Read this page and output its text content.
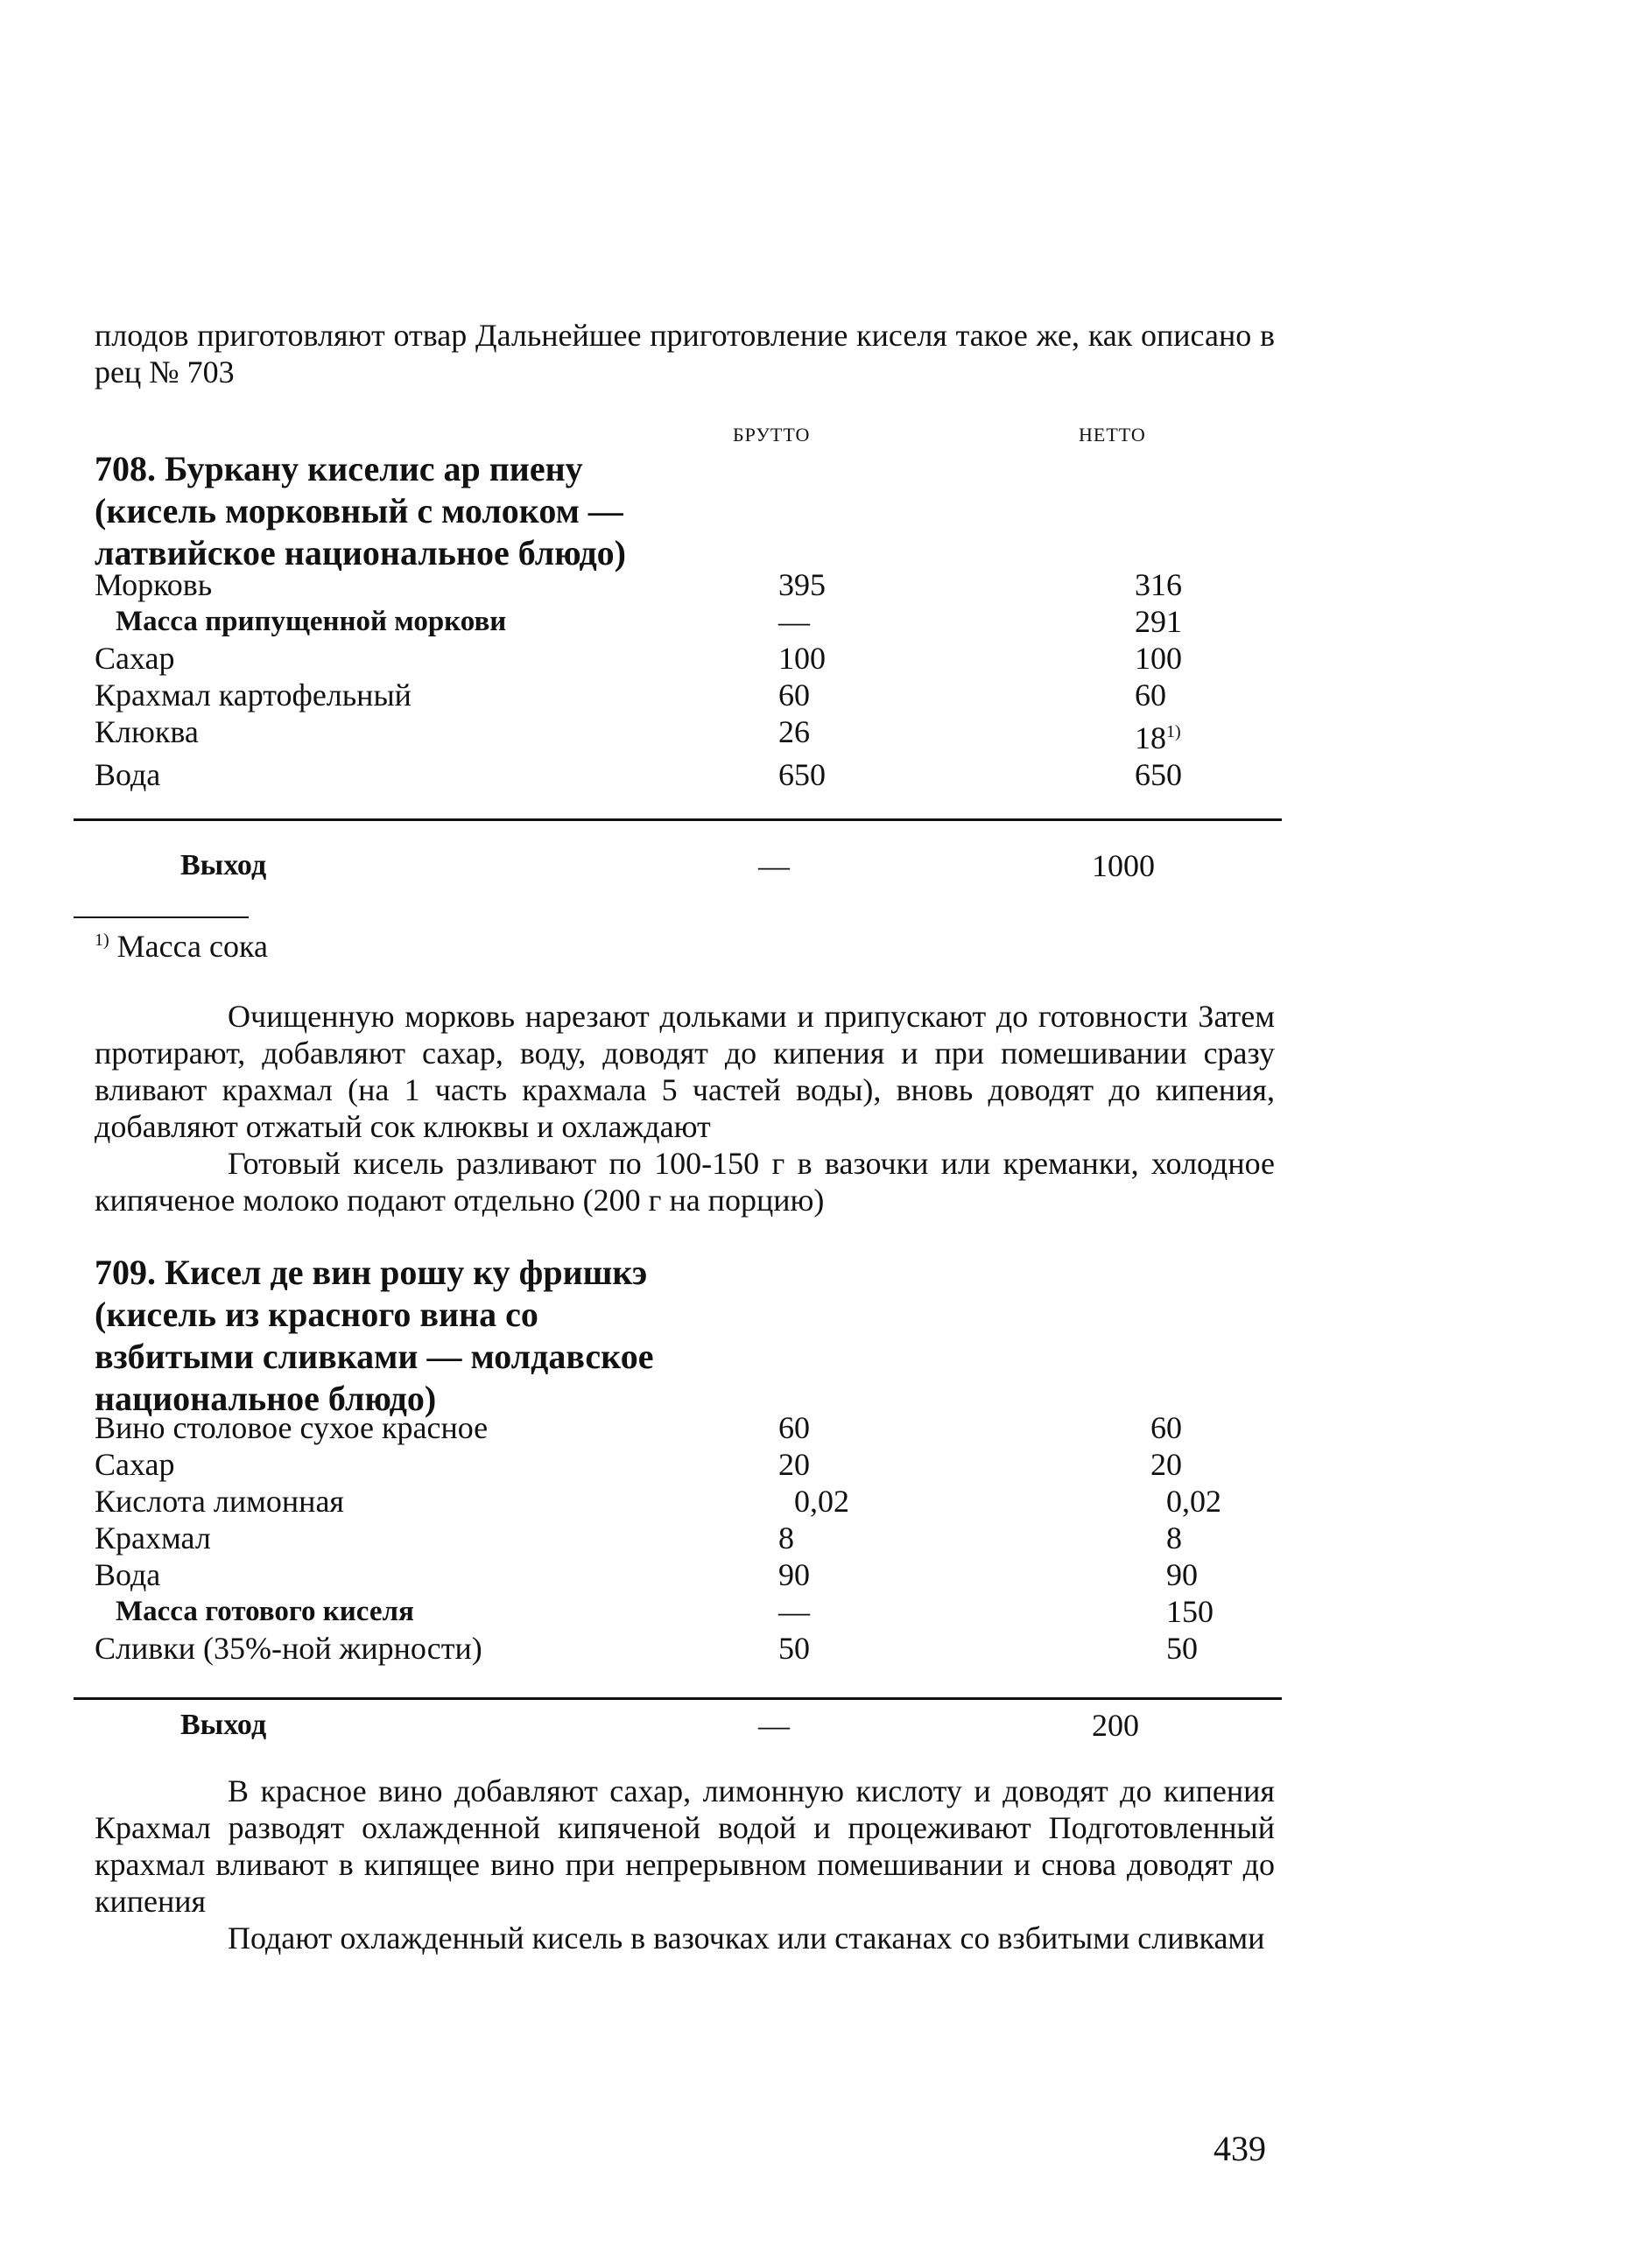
плодов приготовляют отвар Дальнейшее приготовление киселя такое же, как описано в рец № 703

БРУТТО	НЕТТО

708. Буркану киселис ар пиену (кисель морковный с молоком — латвийское национальное блюдо)

Морковь	395	316
Масса припущенной моркови	—	291
Сахар	100	100
Крахмал картофельный	60	60
Клюква	26	18$^{1)}$
Вода	650	650
Выход	—	1000
$^{1)}$ Масса сока

Очищенную морковь нарезают дольками и припускают до готовности Затем протирают, добавляют сахар, воду, доводят до кипения и при помешивании сразу вливают крахмал (на 1 часть крахмала 5 частей воды), вновь доводят до кипения, добавляют отжатый сок клюквы и охлаждают

Готовый кисель разливают по 100-150 г в вазочки или креманки, холодное кипяченое молоко подают отдельно (200 г на порцию)

709. Кисел де вин рошу ку фришкэ (кисель из красного вина со взбитыми сливками — молдавское национальное блюдо)

Вино столовое сухое красное	60	60
Сахар	20	20
Кислота лимонная	0,02	0,02
Крахмал	8	8
Вода	90	90
Масса готового киселя	—	150
Сливки (35%-ной жирности)	50	50
Выход	—	200

В красное вино добавляют сахар, лимонную кислоту и доводят до кипения Крахмал разводят охлажденной кипяченой водой и процеживают Подготовленный крахмал вливают в кипящее вино при непрерывном помешивании и снова доводят до кипения

Подают охлажденный кисель в вазочках или стаканах со взбитыми сливками

439
